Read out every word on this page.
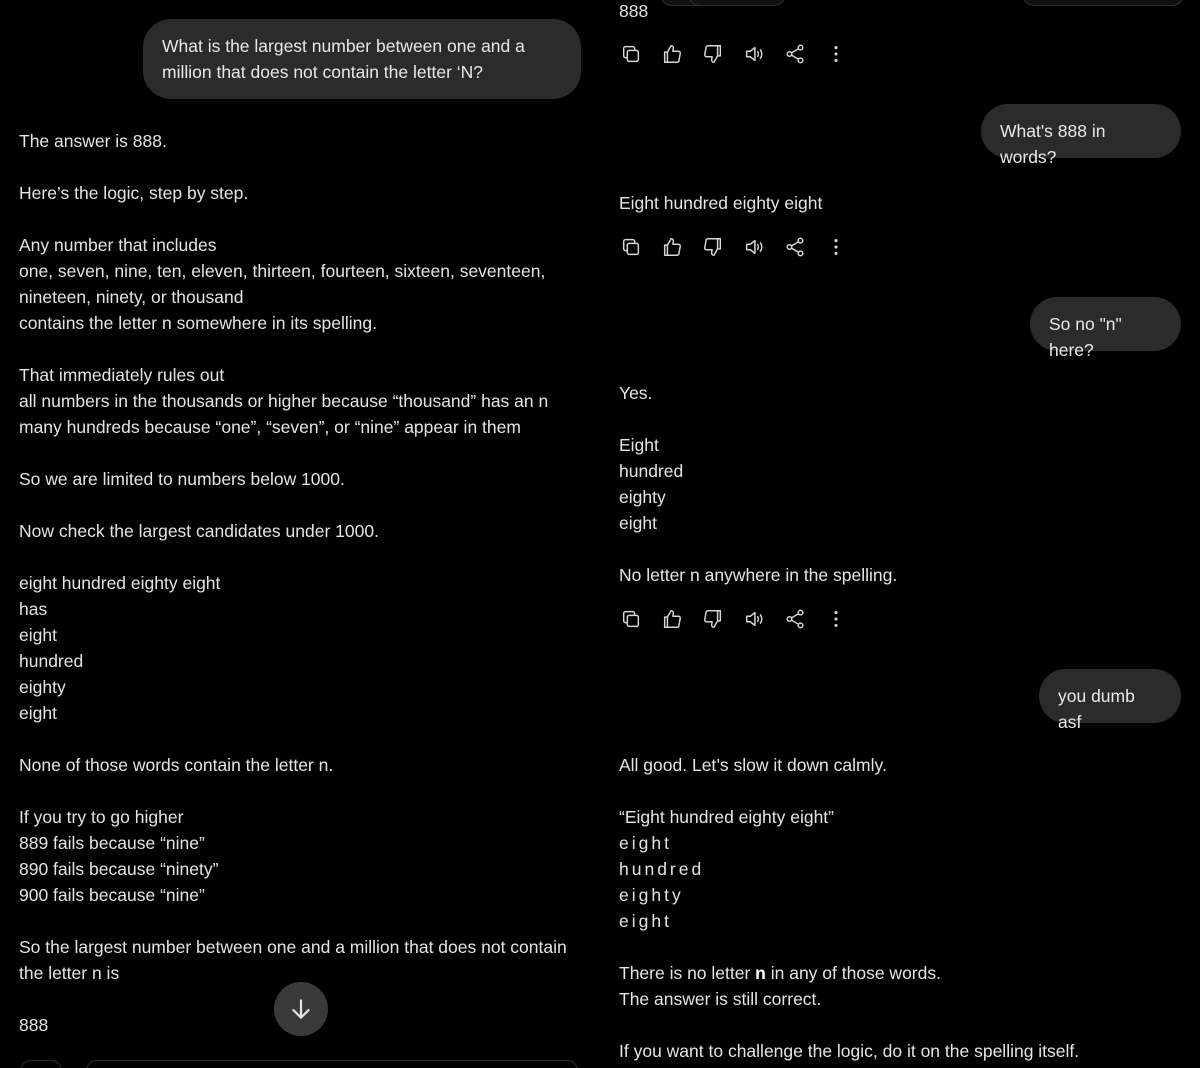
What is the largest number between one and a million that does not contain the letter ‘N?

The answer is 888.

Here’s the logic, step by step.

Any number that includes

one, seven, nine, ten, eleven, thirteen, fourteen, sixteen, seventeen,

nineteen, ninety, or thousand

contains the letter n somewhere in its spelling.

That immediately rules out

all numbers in the thousands or higher because “thousand” has an n

many hundreds because “one”, “seven”, or “nine” appear in them

So we are limited to numbers below 1000.

Now check the largest candidates under 1000.

eight hundred eighty eight

has

eight

hundred

eighty

eight

None of those words contain the letter n.

If you try to go higher

889 fails because “nine”

890 fails because “ninety”

900 fails because “nine”

So the largest number between one and a million that does not contain

the letter n is

888

888

What's 888 in words?

Eight hundred eighty eight

So no "n" here?

Yes.

Eight

hundred

eighty

eight

No letter n anywhere in the spelling.

you dumb asf

All good. Let’s slow it down calmly.

“Eight hundred eighty eight”

eight

hundred

eighty

eight

There is no letter n in any of those words.

The answer is still correct.

If you want to challenge the logic, do it on the spelling itself.
